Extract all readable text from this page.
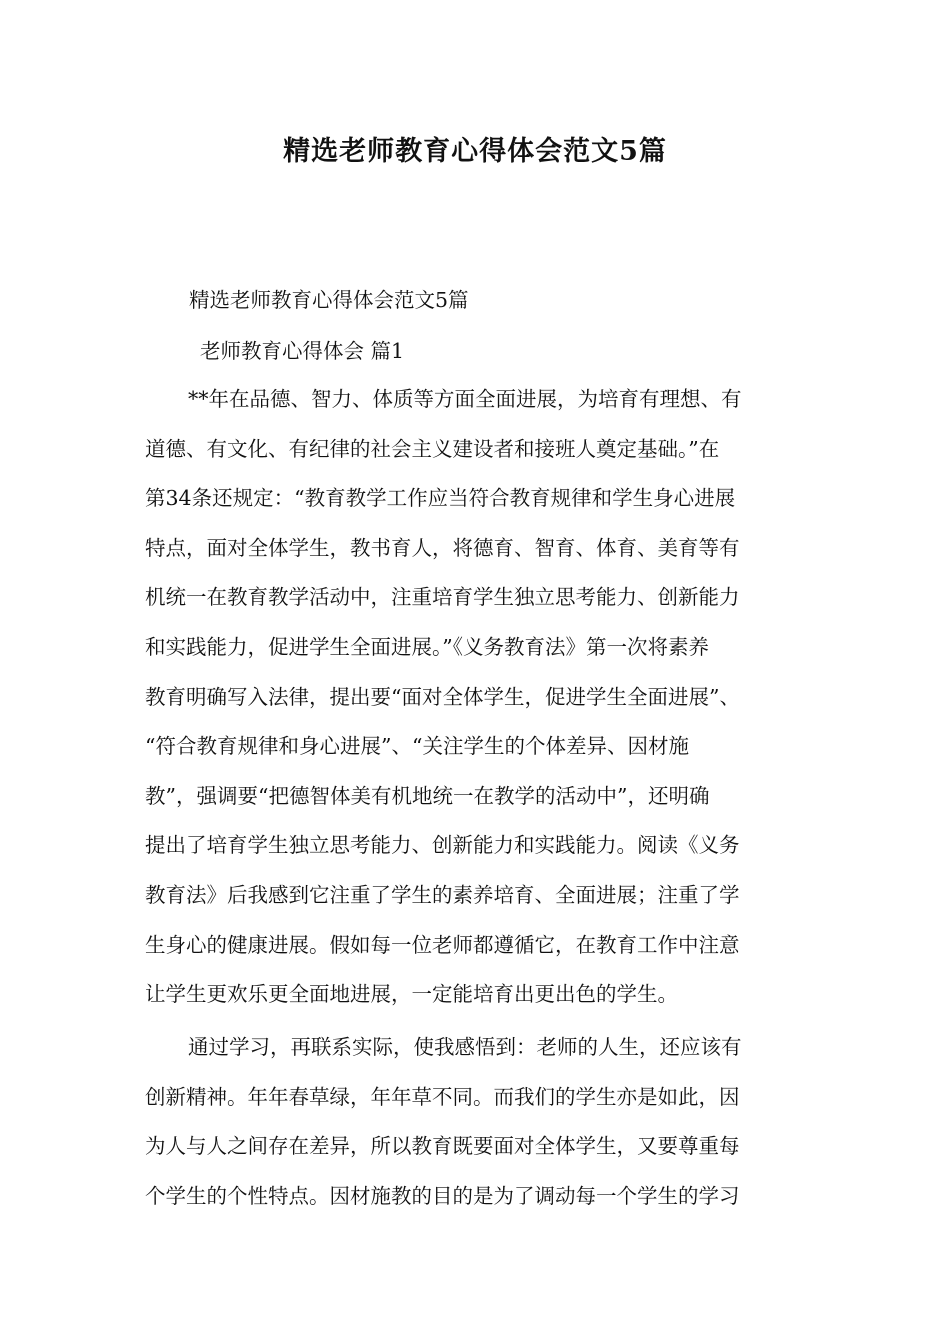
精选老师教育心得体会范文5篇

精选老师教育心得体会范文5篇

老师教育心得体会 篇1

**年在品德、智力、体质等方面全面进展，为培育有理想、有
道德、有文化、有纪律的社会主义建设者和接班人奠定基础。”在
第34条还规定：“教育教学工作应当符合教育规律和学生身心进展
特点，面对全体学生，教书育人，将德育、智育、体育、美育等有
机统一在教育教学活动中，注重培育学生独立思考能力、创新能力
和实践能力，促进学生全面进展。”《义务教育法》第一次将素养
教育明确写入法律，提出要“面对全体学生，促进学生全面进展”、
“符合教育规律和身心进展”、“关注学生的个体差异、因材施
教”，强调要“把德智体美有机地统一在教学的活动中”，还明确
提出了培育学生独立思考能力、创新能力和实践能力。阅读《义务
教育法》后我感到它注重了学生的素养培育、全面进展；注重了学
生身心的健康进展。假如每一位老师都遵循它，在教育工作中注意
让学生更欢乐更全面地进展，一定能培育出更出色的学生。
通过学习，再联系实际，使我感悟到：老师的人生，还应该有
创新精神。年年春草绿，年年草不同。而我们的学生亦是如此，因
为人与人之间存在差异，所以教育既要面对全体学生，又要尊重每
个学生的个性特点。因材施教的目的是为了调动每一个学生的学习
